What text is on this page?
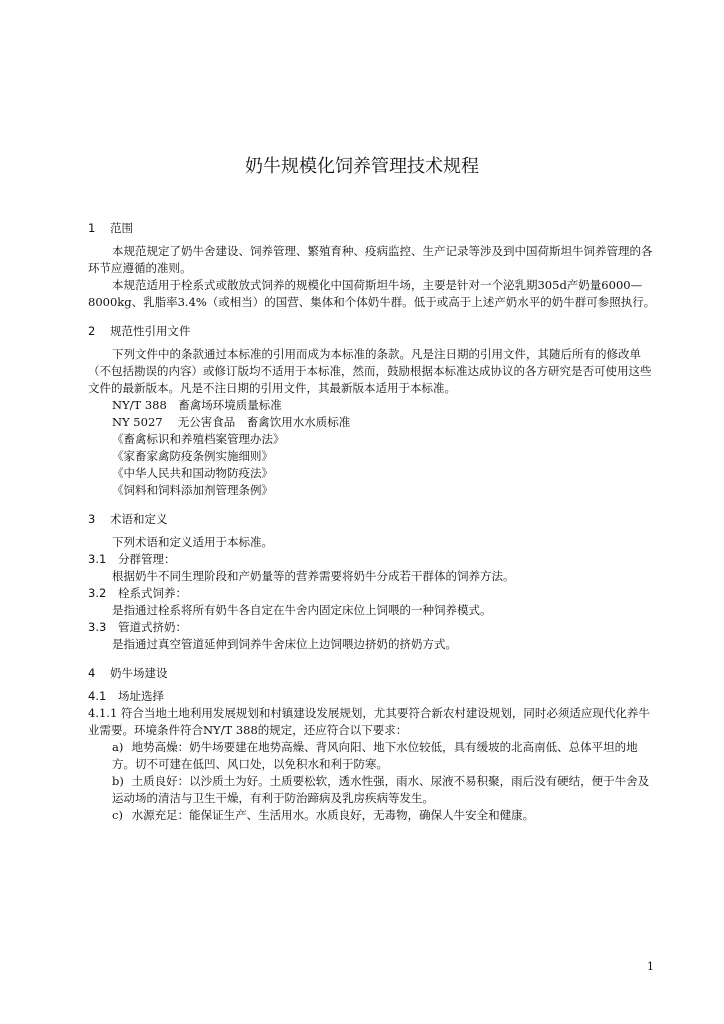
奶牛规模化饲养管理技术规程
1 范围

本规范规定了奶牛舍建设、饲养管理、繁殖育种、疫病监控、生产记录等涉及到中国荷斯坦牛饲养管理的各环节应遵循的准则。

本规范适用于栓系式或散放式饲养的规模化中国荷斯坦牛场，主要是针对一个泌乳期305d产奶量6000—8000kg、乳脂率3.4%（或相当）的国营、集体和个体奶牛群。低于或高于上述产奶水平的奶牛群可参照执行。

2 规范性引用文件

下列文件中的条款通过本标准的引用而成为本标准的条款。凡是注日期的引用文件，其随后所有的修改单（不包括勘误的内容）或修订版均不适用于本标准，然而，鼓励根据本标准达成协议的各方研究是否可使用这些文件的最新版本。凡是不注日期的引用文件，其最新版本适用于本标准。

NY/T 388　畜禽场环境质量标准

NY 5027　 无公害食品　畜禽饮用水水质标准

《畜禽标识和养殖档案管理办法》

《家畜家禽防疫条例实施细则》

《中华人民共和国动物防疫法》

《饲料和饲料添加剂管理条例》

3 术语和定义

下列术语和定义适用于本标准。

3.1 分群管理：

根据奶牛不同生理阶段和产奶量等的营养需要将奶牛分成若干群体的饲养方法。

3.2 栓系式饲养：

是指通过栓系将所有奶牛各自定在牛舍内固定床位上饲喂的一种饲养模式。

3.3 管道式挤奶：

是指通过真空管道延伸到饲养牛舍床位上边饲喂边挤奶的挤奶方式。

4 奶牛场建设
4.1 场址选择

4.1.1 符合当地土地利用发展规划和村镇建设发展规划，尤其要符合新农村建设规划，同时必须适应现代化养牛业需要。环境条件符合NY/T 388的规定，还应符合以下要求：

a) 地势高燥：奶牛场要建在地势高燥、背风向阳、地下水位较低，具有缓坡的北高南低、总体平坦的地方。切不可建在低凹、风口处，以免积水和利于防寒。

b) 土质良好：以沙质土为好。土质要松软，透水性强，雨水、尿液不易积聚，雨后没有硬结，便于牛舍及运动场的清洁与卫生干燥，有利于防治蹄病及乳房疾病等发生。

c) 水源充足：能保证生产、生活用水。水质良好，无毒物，确保人牛安全和健康。

1
